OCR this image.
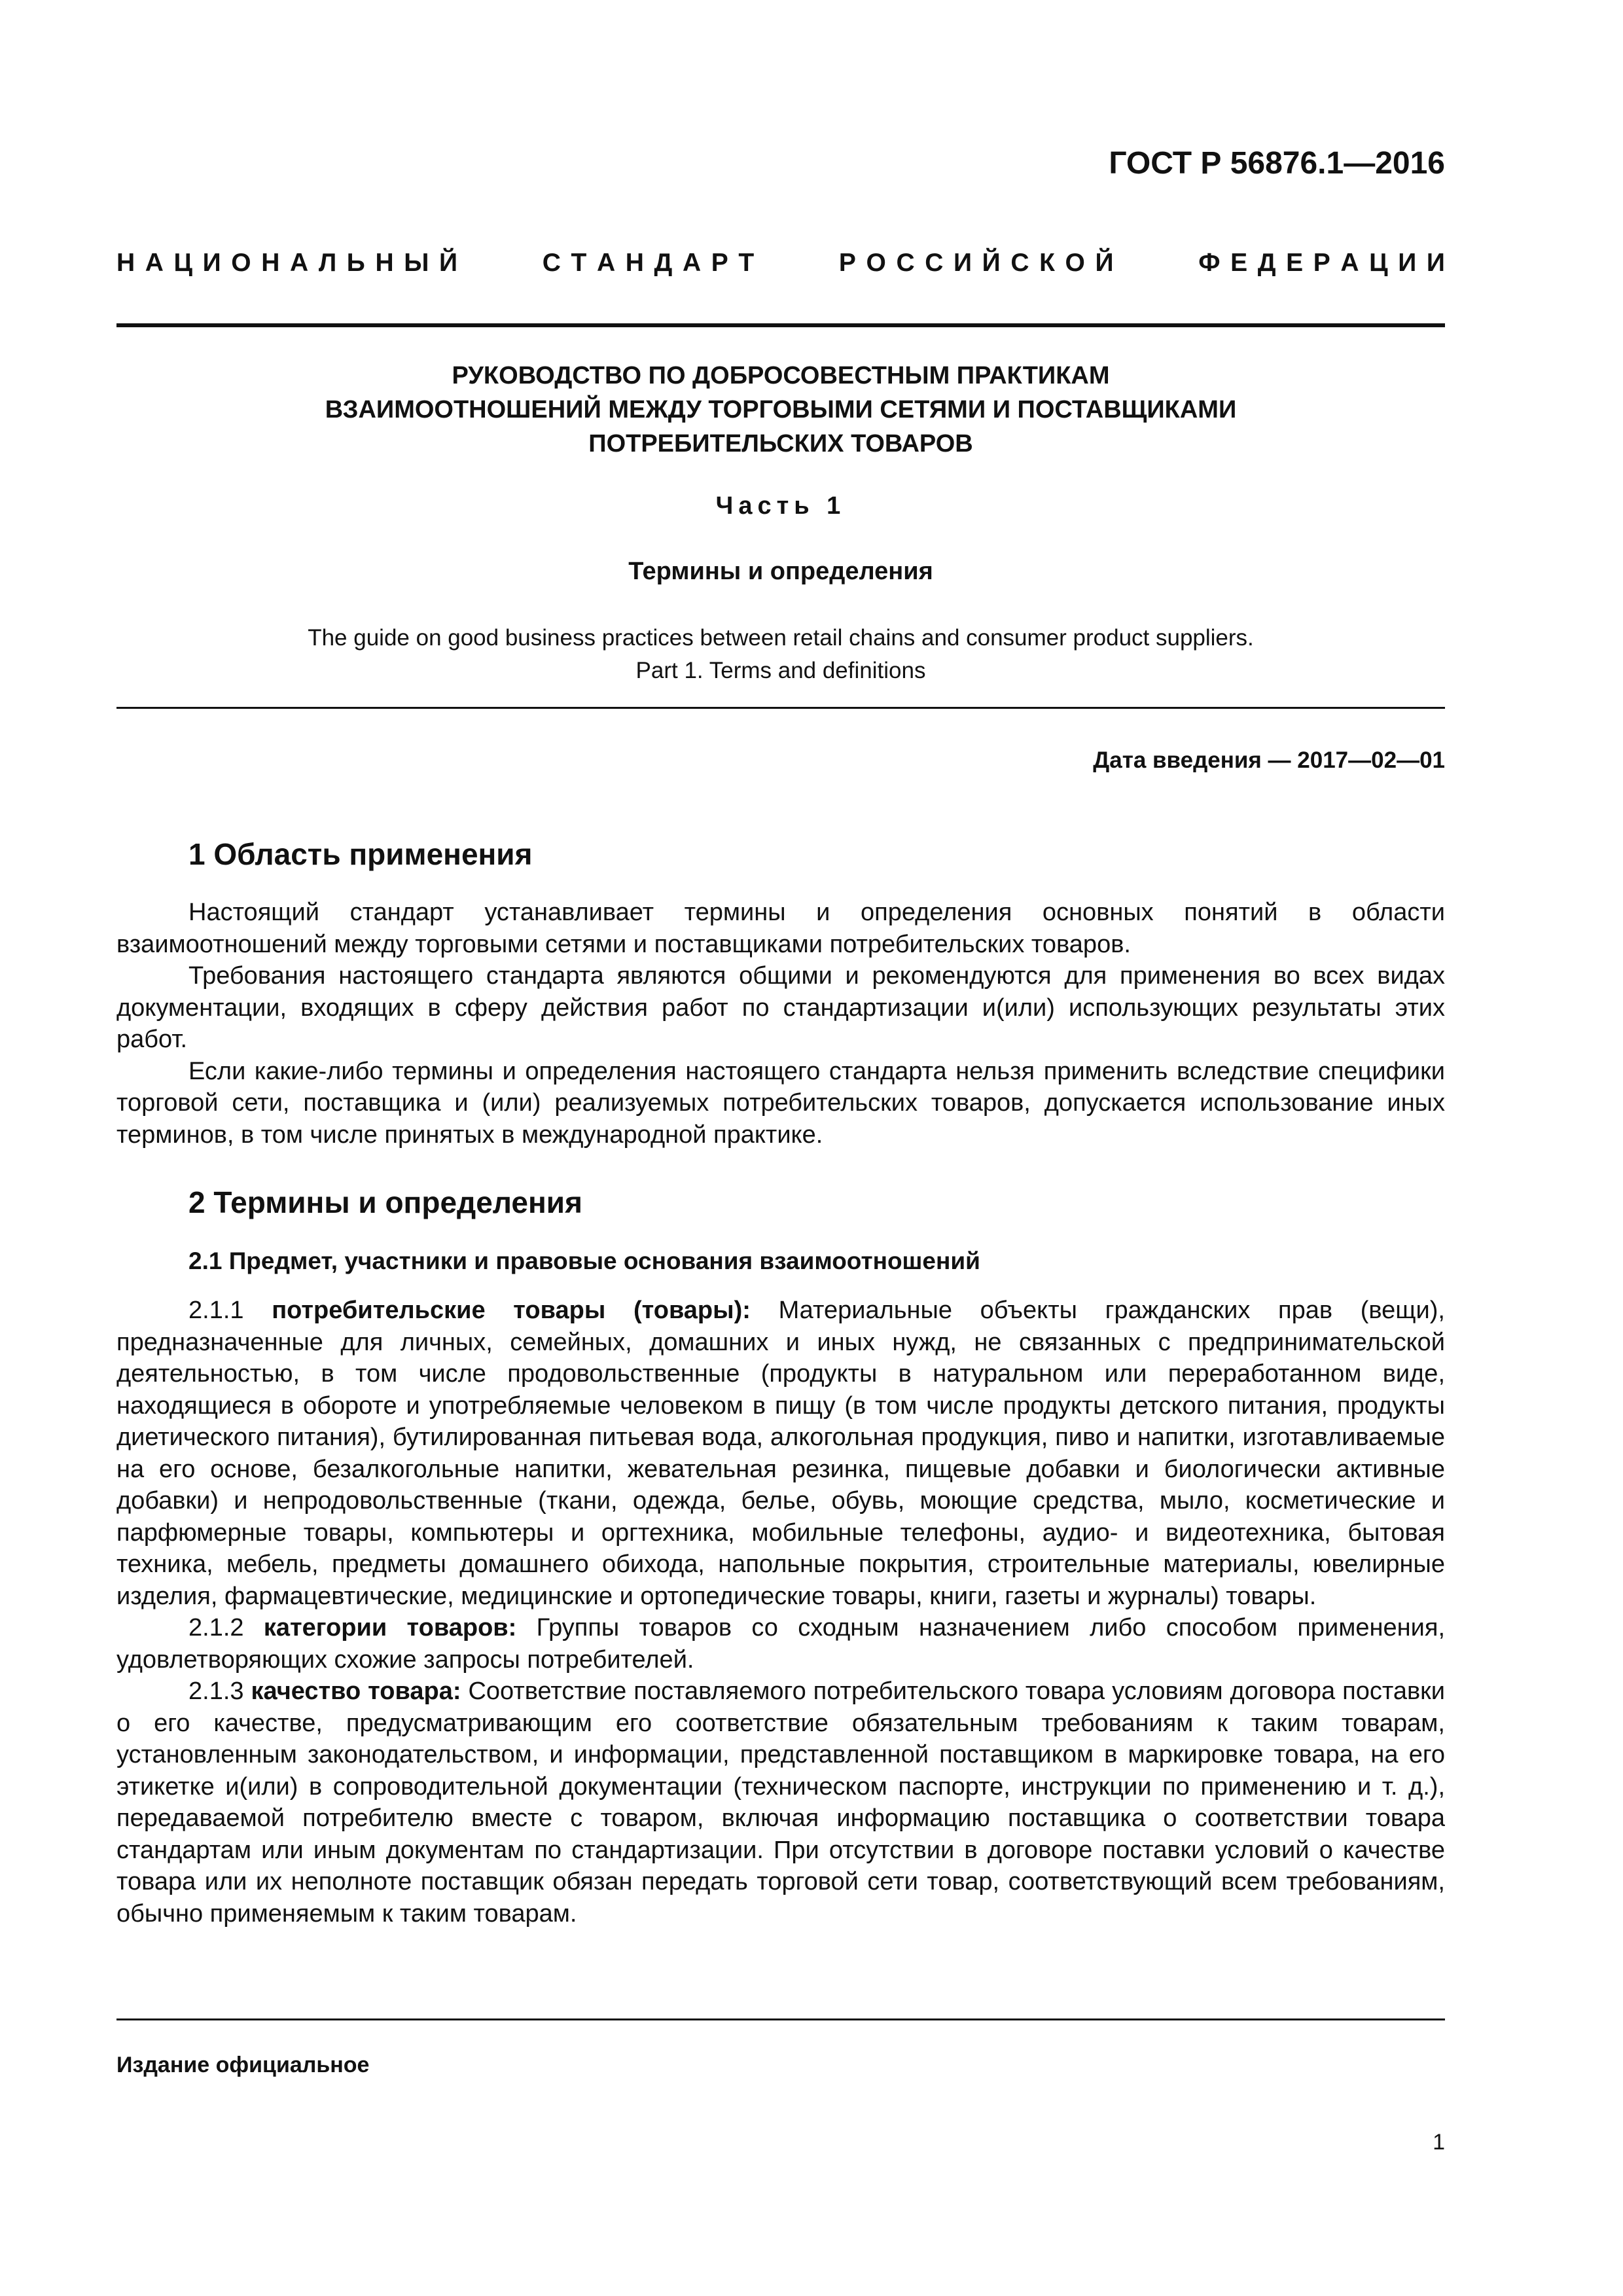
ГОСТ Р 56876.1—2016
Н  А  Ц  И  О  Н  А  Л  Ь  Н  Ы  Й	С  Т  А  Н  Д  А  Р  Т	Р  О  С  С  И  Й  С  К  О  Й	Ф  Е  Д  Е  Р  А  Ц  И  И
РУКОВОДСТВО ПО ДОБРОСОВЕСТНЫМ ПРАКТИКАМ
ВЗАИМООТНОШЕНИЙ МЕЖДУ ТОРГОВЫМИ СЕТЯМИ И ПОСТАВЩИКАМИ
ПОТРЕБИТЕЛЬСКИХ ТОВАРОВ
Часть 1
Термины и определения
The guide on good business practices between retail chains and consumer product suppliers.
Part 1. Terms and definitions
Дата введения — 2017—02—01
1 Область применения

Настоящий стандарт устанавливает термины и определения основных понятий в области взаимоотношений между торговыми сетями и поставщиками потребительских товаров.

Требования настоящего стандарта являются общими и рекомендуются для применения во всех видах документации, входящих в сферу действия работ по стандартизации и(или) использующих результаты этих работ.

Если какие-либо термины и определения настоящего стандарта нельзя применить вследствие специфики торговой сети, поставщика и (или) реализуемых потребительских товаров, допускается использование иных терминов, в том числе принятых в международной практике.

2 Термины и определения
2.1 Предмет, участники и правовые основания взаимоотношений

2.1.1 потребительские товары (товары): Материальные объекты гражданских прав (вещи), предназначенные для личных, семейных, домашних и иных нужд, не связанных с предпринимательской деятельностью, в том числе продовольственные (продукты в натуральном или переработанном виде, находящиеся в обороте и употребляемые человеком в пищу (в том числе продукты детского питания, продукты диетического питания), бутилированная питьевая вода, алкогольная продукция, пиво и напитки, изготавливаемые на его основе, безалкогольные напитки, жевательная резинка, пищевые добавки и биологически активные добавки) и непродовольственные (ткани, одежда, белье, обувь, моющие средства, мыло, косметические и парфюмерные товары, компьютеры и оргтехника, мобильные телефоны, аудио- и видеотехника, бытовая техника, мебель, предметы домашнего обихода, напольные покрытия, строительные материалы, ювелирные изделия, фармацевтические, медицинские и ортопедические товары, книги, газеты и журналы) товары.

2.1.2 категории товаров: Группы товаров со сходным назначением либо способом применения, удовлетворяющих схожие запросы потребителей.

2.1.3 качество товара: Соответствие поставляемого потребительского товара условиям договора поставки о его качестве, предусматривающим его соответствие обязательным требованиям к таким товарам, установленным законодательством, и информации, представленной поставщиком в маркировке товара, на его этикетке и(или) в сопроводительной документации (техническом паспорте, инструкции по применению и т. д.), передаваемой потребителю вместе с товаром, включая информацию поставщика о соответствии товара стандартам или иным документам по стандартизации. При отсутствии в договоре поставки условий о качестве товара или их неполноте поставщик обязан передать торговой сети товар, соответствующий всем требованиям, обычно применяемым к таким товарам.

Издание официальное
1
